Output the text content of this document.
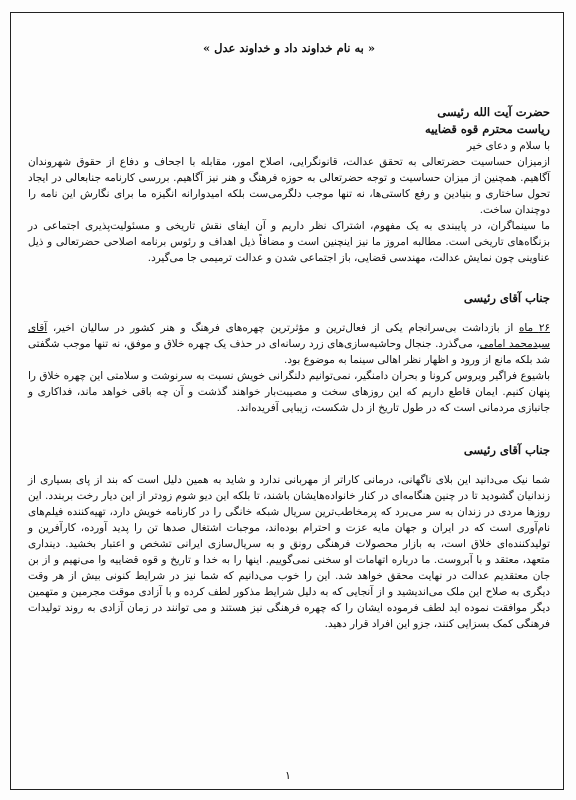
« به نام خداوند داد و خداوند عدل »

حضرت آیت الله رئیسی

ریاست محترم قوه قضاییه

با سلام و دعای خیر

ازمیزان حساسیت حضرتعالی به تحقق عدالت، قانونگرایی، اصلاح امور، مقابله با اجحاف و دفاع از حقوق شهروندان آگاهیم. همچنین از میزان حساسیت و توجه حضرتعالی به حوزه فرهنگ و هنر نیز آگاهیم. بررسی کارنامه جنابعالی در ایجاد تحول ساختاری و بنیادین و رفع کاستی‌ها، نه تنها موجب دلگرمی‌ست بلکه امیدوارانه انگیزه ما برای نگارش این نامه را دوچندان ساخت.

ما سینماگران، در پایبندی به یک مفهوم، اشتراک نظر داریم و آن ایفای نقش تاریخی و مسئولیت‌پذیری اجتماعی در بزنگاه‌های تاریخی است. مطالبه امروز ما نیز اینچنین است و مضافاً ذیل اهداف و رئوس برنامه اصلاحی حضرتعالی و ذیل عناوینی چون نمایش عدالت، مهندسی قضایی، باز اجتماعی شدن و عدالت ترمیمی جا می‌گیرد.

جناب آقای رئیسی

۲۶ ماه از بازداشت بی‌سرانجام یکی از فعال‌ترین و مؤثرترین چهره‌های فرهنگ و هنر کشور در سالیان اخیر، آقای سیدمحمد امامی، می‌گذرد. جنجال وحاشیه‌سازی‌های زرد رسانه‌ای در حذف یک چهره خلاق و موفق، نه تنها موجب شگفتی شد بلکه مانع از ورود و اظهار نظر اهالی سینما به موضوع بود.

باشیوع فراگیر ویروس کرونا و بحران دامنگیر، نمی‌توانیم دلنگرانی خویش نسبت به سرنوشت و سلامتی این چهره خلاق را پنهان کنیم. ایمان قاطع داریم که این روزهای سخت و مصیبت‌بار خواهند گذشت و آن چه باقی خواهد ماند، فداکاری و جانبازی مردمانی است که در طول تاریخ از دل شکست، زیبایی آفریده‌اند.

جناب آقای رئیسی

شما نیک می‌دانید این بلای ناگهانی، درمانی کاراتر از مهربانی ندارد و شاید به همین دلیل است که بند از پای بسیاری از زندانیان گشودید تا در چنین هنگامه‌ای در کنار خانواده‌هایشان باشند، تا بلکه این دیو شوم زودتر از این دیار رخت بربندد. این روزها مردی در زندان به سر می‌برد که پرمخاطب‌ترین سریال شبکه خانگی را در کارنامه خویش دارد، تهیه‌کننده فیلم‌های نام‌آوری است که در ایران و جهان مایه عزت و احترام بوده‌اند، موجبات اشتغال صدها تن را پدید آورده، کارآفرین و تولیدکننده‌ای خلاق است، به بازار محصولات فرهنگی رونق و به سریال‌سازی ایرانی تشخص و اعتبار بخشید. دینداری متعهد، معتقد و با آبروست. ما درباره اتهامات او سخنی نمی‌گوییم. اینها را به خدا و تاریخ و قوه قضاییه وا می‌نهیم و از بن جان معتقدیم عدالت در نهایت محقق خواهد شد. این را خوب می‌دانیم که شما نیز در شرایط کنونی بیش از هر وقت دیگری به صلاح این ملک می‌اندیشید و از آنجایی که به دلیل شرایط مذکور لطف کرده و با آزادی موقت مجرمین و متهمین دیگر موافقت نموده اید لطف فرموده ایشان را که چهره فرهنگی نیز هستند و می توانند در زمان آزادی به روند تولیدات فرهنگی کمک بسزایی کنند، جزو این افراد قرار دهید.

۱
